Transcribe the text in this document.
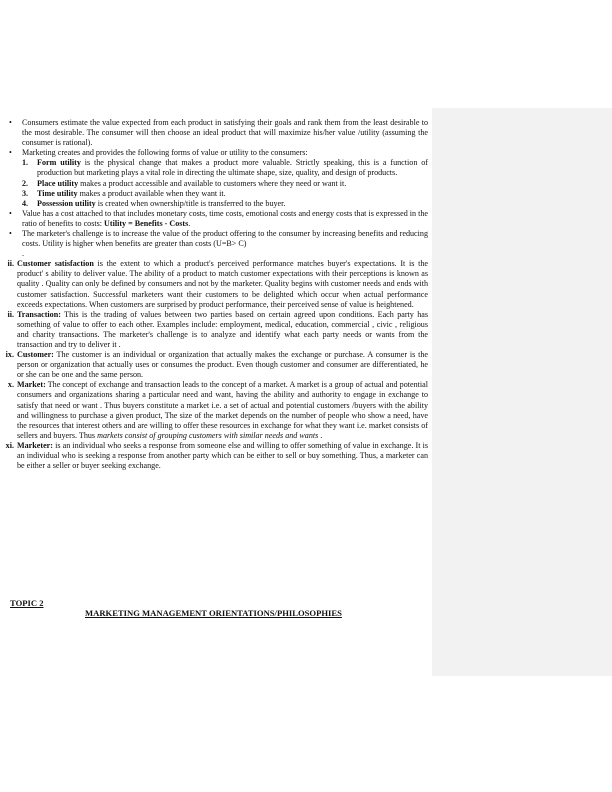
• Consumers estimate the value expected from each product in satisfying their goals and rank them from the least desirable to the most desirable. The consumer will then choose an ideal product that will maximize his/her value /utility (assuming the consumer is rational).
• Marketing creates and provides the following forms of value or utility to the consumers:
1. Form utility is the physical change that makes a product more valuable. Strictly speaking, this is a function of production but marketing plays a vital role in directing the ultimate shape, size, quality, and design of products.
2. Place utility makes a product accessible and available to customers where they need or want it.
3. Time utility makes a product available when they want it.
4. Possession utility is created when ownership/title is transferred to the buyer.
• Value has a cost attached to that includes monetary costs, time costs, emotional costs and energy costs that is expressed in the ratio of benefits to costs: Utility = Benefits - Costs.
• The marketer's challenge is to increase the value of the product offering to the consumer by increasing benefits and reducing costs. Utility is higher when benefits are greater than costs (U=B> C)
.
ii. Customer satisfaction is the extent to which a product's perceived performance matches buyer's expectations. It is the product' s ability to deliver value. The ability of a product to match customer expectations with their perceptions is known as quality . Quality can only be defined by consumers and not by the marketer. Quality begins with customer needs and ends with customer satisfaction. Successful marketers want their customers to be delighted which occur when actual performance exceeds expectations. When customers are surprised by product performance, their perceived sense of value is heightened.
ii. Transaction: This is the trading of values between two parties based on certain agreed upon conditions. Each party has something of value to offer to each other. Examples include: employment, medical, education, commercial , civic , religious and charity transactions. The marketer's challenge is to analyze and identify what each party needs or wants from the transaction and try to deliver it .
ix. Customer: The customer is an individual or organization that actually makes the exchange or purchase. A consumer is the person or organization that actually uses or consumes the product. Even though customer and consumer are differentiated, he or she can be one and the same person.
x. Market: The concept of exchange and transaction leads to the concept of a market. A market is a group of actual and potential consumers and organizations sharing a particular need and want, having the ability and authority to engage in exchange to satisfy that need or want . Thus buyers constitute a market i.e. a set of actual and potential customers /buyers with the ability and willingness to purchase a given product, The size of the market depends on the number of people who show a need, have the resources that interest others and are willing to offer these resources in exchange for what they want i.e. market consists of sellers and buyers. Thus markets consist of grouping customers with similar needs and wants .
xi. Marketer: is an individual who seeks a response from someone else and willing to offer something of value in exchange. It is an individual who is seeking a response from another party which can be either to sell or buy something. Thus, a marketer can be either a seller or buyer seeking exchange.
TOPIC 2
MARKETING MANAGEMENT ORIENTATIONS/PHILOSOPHIES
